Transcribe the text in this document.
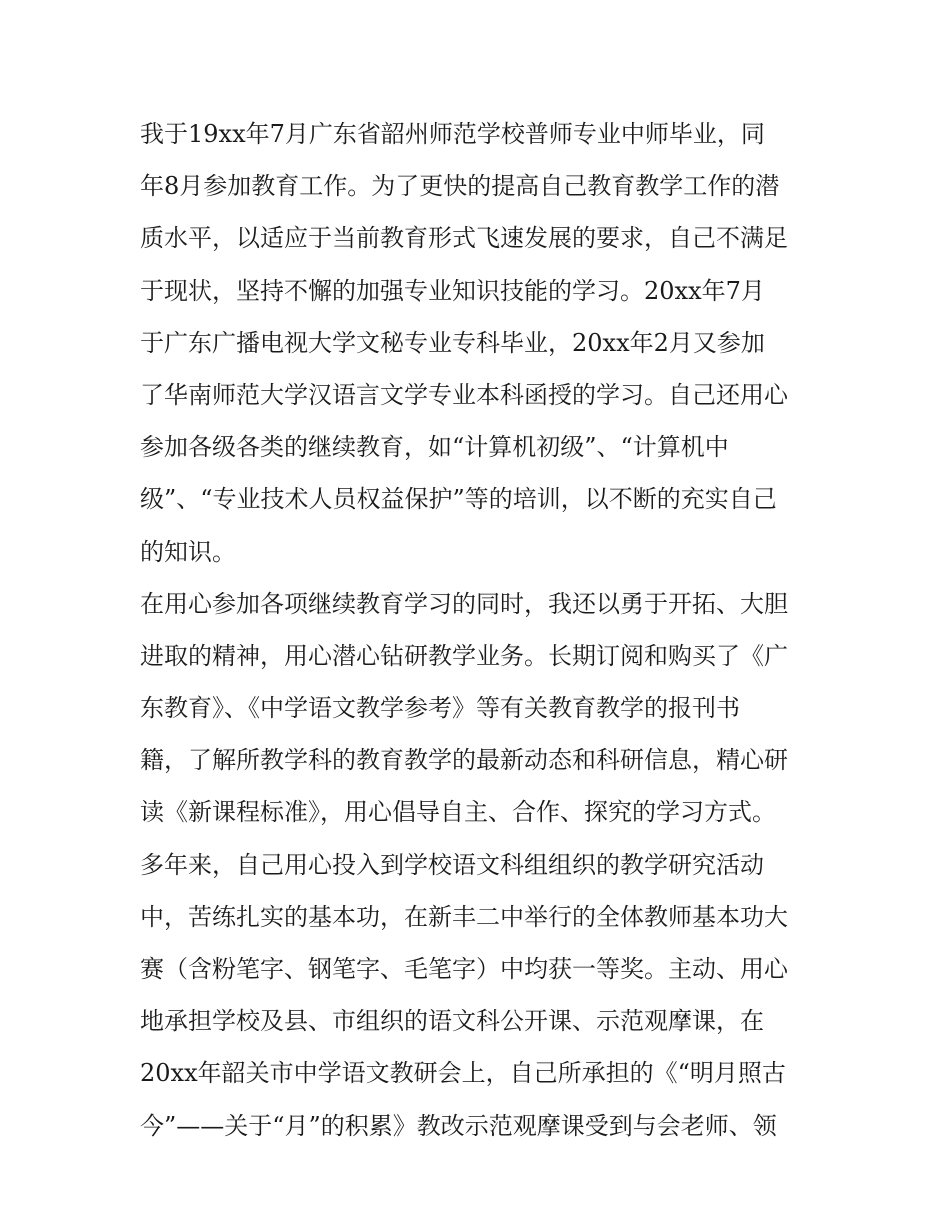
我于19xx年7月广东省韶州师范学校普师专业中师毕业，同
年8月参加教育工作。为了更快的提高自己教育教学工作的潜
质水平，以适应于当前教育形式飞速发展的要求，自己不满足
于现状，坚持不懈的加强专业知识技能的学习。20xx年7月
于广东广播电视大学文秘专业专科毕业，20xx年2月又参加
了华南师范大学汉语言文学专业本科函授的学习。自己还用心
参加各级各类的继续教育，如“计算机初级”、“计算机中
级”、“专业技术人员权益保护”等的培训，以不断的充实自己
的知识。
在用心参加各项继续教育学习的同时，我还以勇于开拓、大胆
进取的精神，用心潜心钻研教学业务。长期订阅和购买了《广
东教育》、《中学语文教学参考》等有关教育教学的报刊书
籍，了解所教学科的教育教学的最新动态和科研信息，精心研
读《新课程标准》，用心倡导自主、合作、探究的学习方式。
多年来，自己用心投入到学校语文科组组织的教学研究活动
中，苦练扎实的基本功，在新丰二中举行的全体教师基本功大
赛（含粉笔字、钢笔字、毛笔字）中均获一等奖。主动、用心
地承担学校及县、市组织的语文科公开课、示范观摩课，在
20xx年韶关市中学语文教研会上，自己所承担的《“明月照古
今”——关于“月”的积累》教改示范观摩课受到与会老师、领
